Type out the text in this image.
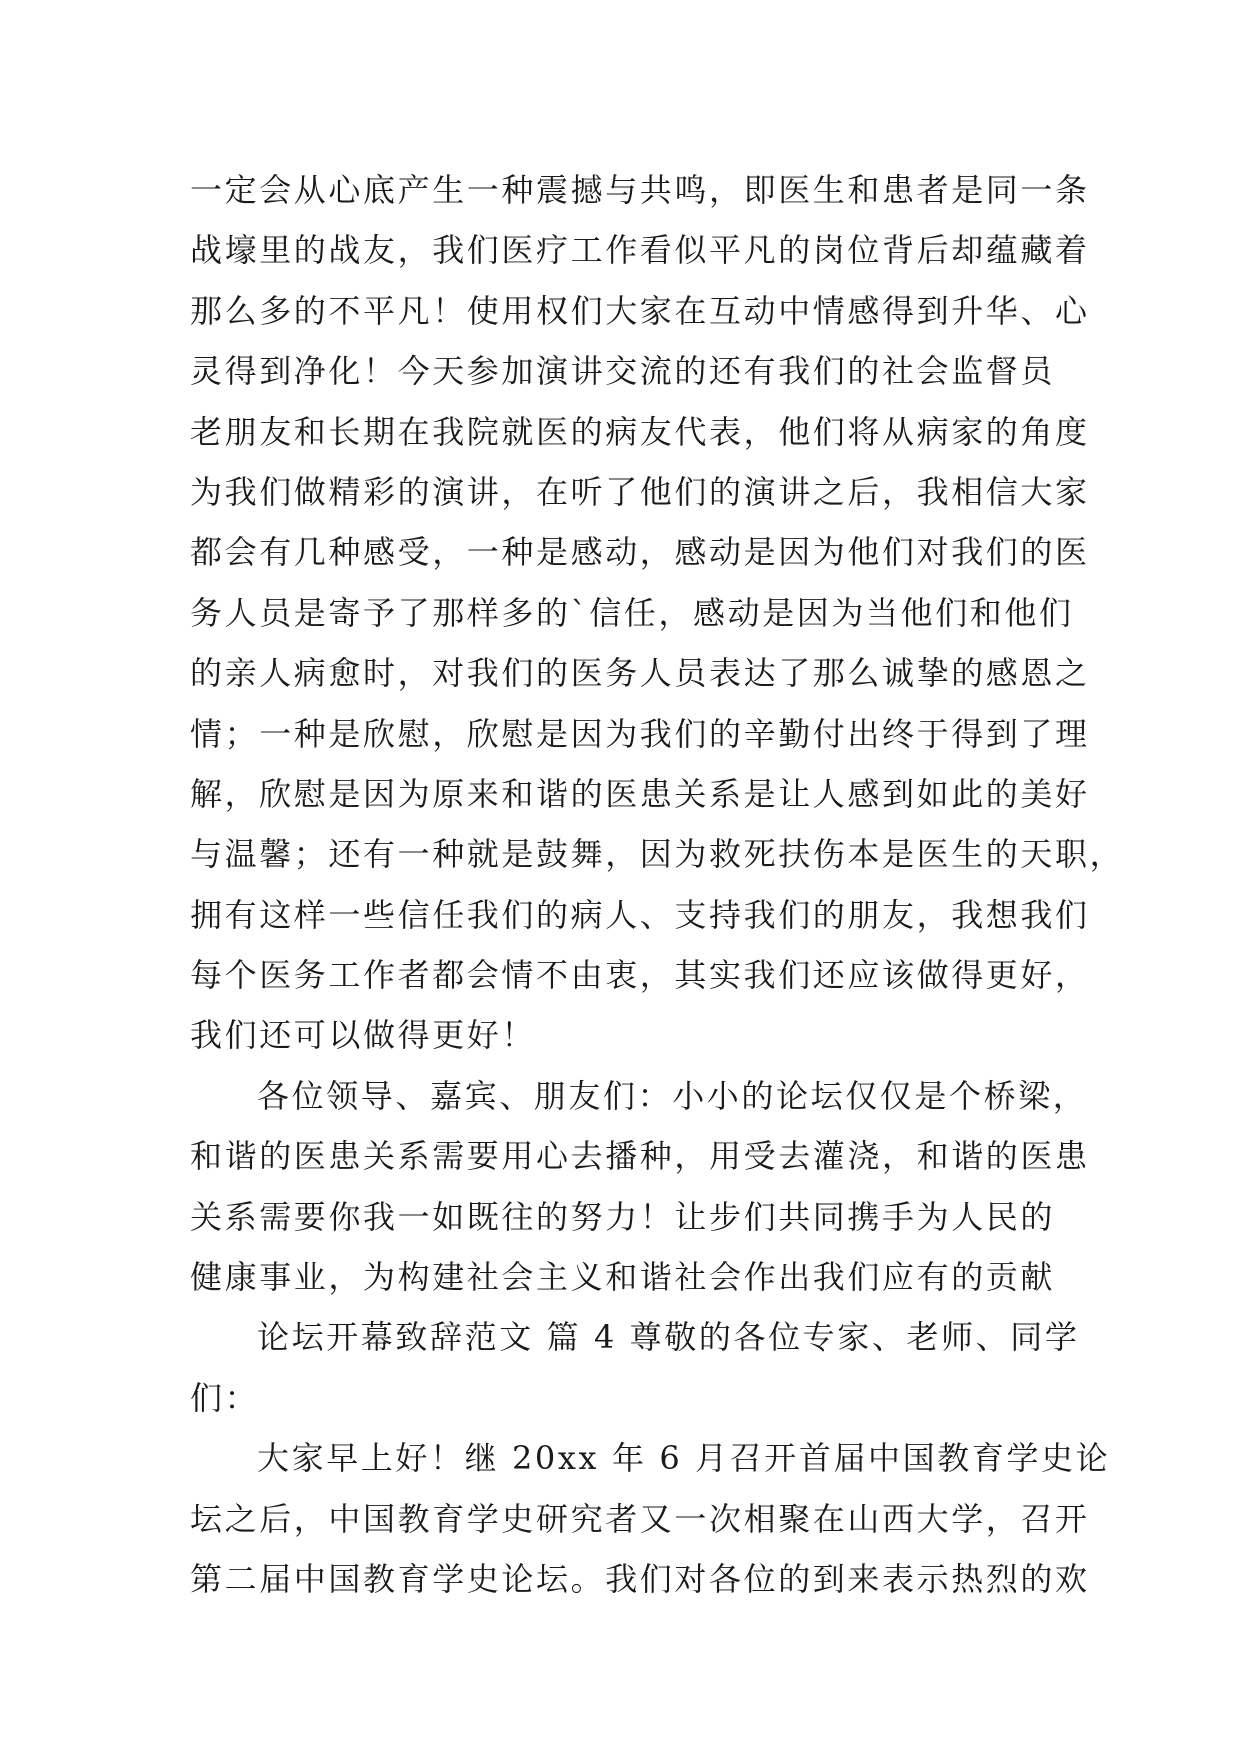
一定会从心底产生一种震撼与共鸣，即医生和患者是同一条
战壕里的战友，我们医疗工作看似平凡的岗位背后却蕴藏着
那么多的不平凡！使用权们大家在互动中情感得到升华、心
灵得到净化！今天参加演讲交流的还有我们的社会监督员
老朋友和长期在我院就医的病友代表，他们将从病家的角度
为我们做精彩的演讲，在听了他们的演讲之后，我相信大家
都会有几种感受，一种是感动，感动是因为他们对我们的医
务人员是寄予了那样多的`信任，感动是因为当他们和他们
的亲人病愈时，对我们的医务人员表达了那么诚挚的感恩之
情；一种是欣慰，欣慰是因为我们的辛勤付出终于得到了理
解，欣慰是因为原来和谐的医患关系是让人感到如此的美好
与温馨；还有一种就是鼓舞，因为救死扶伤本是医生的天职，
拥有这样一些信任我们的病人、支持我们的朋友，我想我们
每个医务工作者都会情不由衷，其实我们还应该做得更好，
我们还可以做得更好！
各位领导、嘉宾、朋友们：小小的论坛仅仅是个桥梁，
和谐的医患关系需要用心去播种，用受去灌浇，和谐的医患
关系需要你我一如既往的努力！让步们共同携手为人民的
健康事业，为构建社会主义和谐社会作出我们应有的贡献
论坛开幕致辞范文 篇 4 尊敬的各位专家、老师、同学
们：
大家早上好！继 20xx 年 6 月召开首届中国教育学史论
坛之后，中国教育学史研究者又一次相聚在山西大学，召开
第二届中国教育学史论坛。我们对各位的到来表示热烈的欢
